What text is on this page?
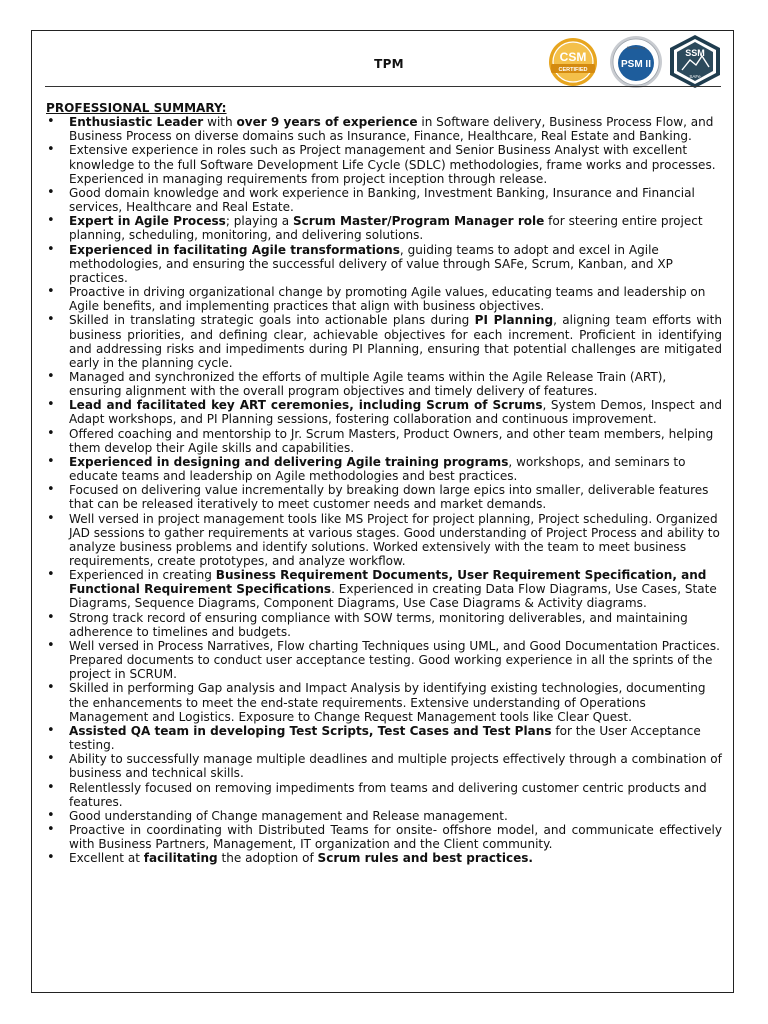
TPM	CSM
CERTIFIED
Scrum.org
PSM II
SSM
SAFe
PROFESSIONAL SUMMARY:
• Enthusiastic Leader with over 9 years of experience in Software delivery, Business Process Flow, and Business Process on diverse domains such as Insurance, Finance, Healthcare, Real Estate and Banking.
• Extensive experience in roles such as Project management and Senior Business Analyst with excellent knowledge to the full Software Development Life Cycle (SDLC) methodologies, frame works and processes. Experienced in managing requirements from project inception through release.
• Good domain knowledge and work experience in Banking, Investment Banking, Insurance and Financial services, Healthcare and Real Estate.
• Expert in Agile Process; playing a Scrum Master/Program Manager role for steering entire project planning, scheduling, monitoring, and delivering solutions.
• Experienced in facilitating Agile transformations, guiding teams to adopt and excel in Agile methodologies, and ensuring the successful delivery of value through SAFe, Scrum, Kanban, and XP practices.
• Proactive in driving organizational change by promoting Agile values, educating teams and leadership on Agile benefits, and implementing practices that align with business objectives.
• Skilled in translating strategic goals into actionable plans during PI Planning, aligning team efforts with business priorities, and defining clear, achievable objectives for each increment. Proficient in identifying and addressing risks and impediments during PI Planning, ensuring that potential challenges are mitigated early in the planning cycle.
• Managed and synchronized the efforts of multiple Agile teams within the Agile Release Train (ART), ensuring alignment with the overall program objectives and timely delivery of features.
• Lead and facilitated key ART ceremonies, including Scrum of Scrums, System Demos, Inspect and Adapt workshops, and PI Planning sessions, fostering collaboration and continuous improvement.
• Offered coaching and mentorship to Jr. Scrum Masters, Product Owners, and other team members, helping them develop their Agile skills and capabilities.
• Experienced in designing and delivering Agile training programs, workshops, and seminars to educate teams and leadership on Agile methodologies and best practices.
• Focused on delivering value incrementally by breaking down large epics into smaller, deliverable features that can be released iteratively to meet customer needs and market demands.
• Well versed in project management tools like MS Project for project planning, Project scheduling. Organized JAD sessions to gather requirements at various stages. Good understanding of Project Process and ability to analyze business problems and identify solutions. Worked extensively with the team to meet business requirements, create prototypes, and analyze workflow.
• Experienced in creating Business Requirement Documents, User Requirement Specification, and Functional Requirement Specifications. Experienced in creating Data Flow Diagrams, Use Cases, State Diagrams, Sequence Diagrams, Component Diagrams, Use Case Diagrams & Activity diagrams.
• Strong track record of ensuring compliance with SOW terms, monitoring deliverables, and maintaining adherence to timelines and budgets.
• Well versed in Process Narratives, Flow charting Techniques using UML, and Good Documentation Practices. Prepared documents to conduct user acceptance testing. Good working experience in all the sprints of the project in SCRUM.
• Skilled in performing Gap analysis and Impact Analysis by identifying existing technologies, documenting the enhancements to meet the end-state requirements. Extensive understanding of Operations Management and Logistics. Exposure to Change Request Management tools like Clear Quest.
• Assisted QA team in developing Test Scripts, Test Cases and Test Plans for the User Acceptance testing.
• Ability to successfully manage multiple deadlines and multiple projects effectively through a combination of business and technical skills.
• Relentlessly focused on removing impediments from teams and delivering customer centric products and features.
• Good understanding of Change management and Release management.
• Proactive in coordinating with Distributed Teams for onsite- offshore model, and communicate effectively with Business Partners, Management, IT organization and the Client community.
• Excellent at facilitating the adoption of Scrum rules and best practices.
